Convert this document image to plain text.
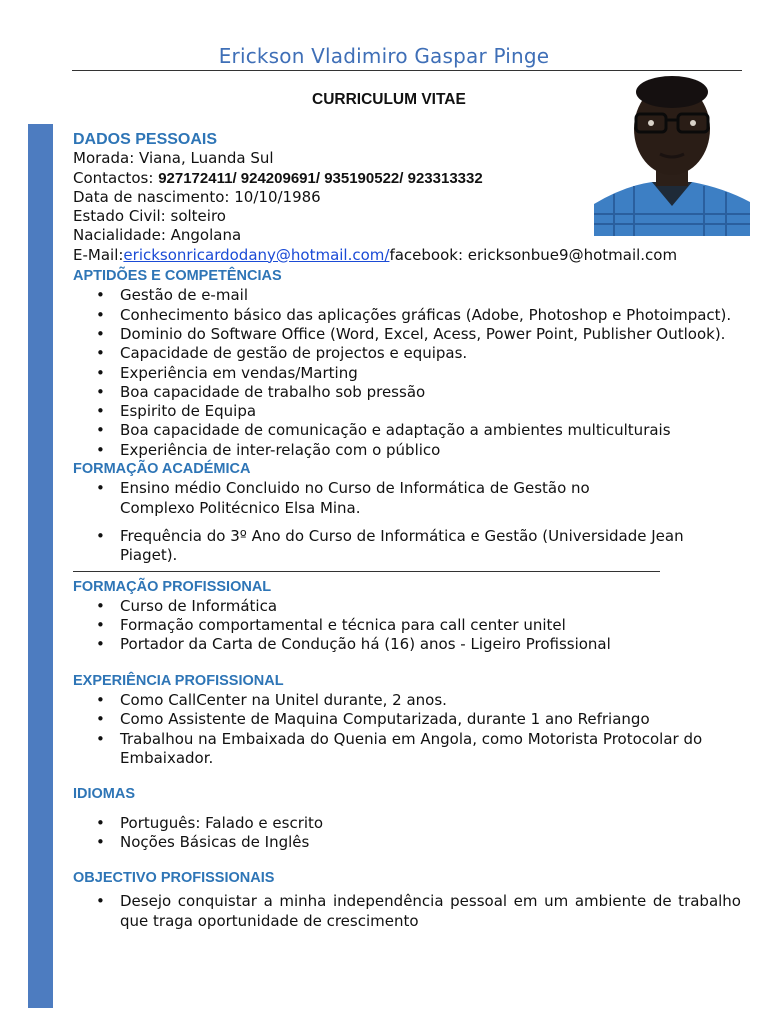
Erickson Vladimiro Gaspar Pinge
CURRICULUM VITAE
DADOS PESSOAIS
Morada: Viana, Luanda Sul
Contactos: 927172411/ 924209691/ 935190522/ 923313332
Data de nascimento: 10/10/1986
Estado Civil: solteiro
Nacialidade: Angolana
E-Mail:ericksonricardodany@hotmail.com/facebook: ericksonbue9@hotmail.com
APTIDÕES E COMPETÊNCIAS
• Gestão de e-mail
• Conhecimento básico das aplicações gráficas (Adobe, Photoshop e Photoimpact).
• Dominio do Software Office (Word, Excel, Acess, Power Point, Publisher Outlook).
• Capacidade de gestão de projectos e equipas.
• Experiência em vendas/Marting
• Boa capacidade de trabalho sob pressão
• Espirito de Equipa
• Boa capacidade de comunicação e adaptação a ambientes multiculturais
• Experiência de inter-relação com o público
FORMAÇÃO ACADÉMICA
• Ensino médio Concluido no Curso de Informática de Gestão no Complexo Politécnico Elsa Mina.
• Frequência do 3º Ano do Curso de Informática e Gestão (Universidade Jean Piaget).
FORMAÇÃO PROFISSIONAL
• Curso de Informática
• Formação comportamental e técnica para call center unitel
• Portador da Carta de Condução há (16) anos - Ligeiro Profissional
EXPERIÊNCIA PROFISSIONAL
• Como CallCenter na Unitel durante, 2 anos.
• Como Assistente de Maquina Computarizada, durante 1 ano Refriango
• Trabalhou na Embaixada do Quenia em Angola, como Motorista Protocolar do Embaixador.
IDIOMAS
• Português: Falado e escrito
• Noções Básicas de Inglês
OBJECTIVO PROFISSIONAIS
• Desejo conquistar a minha independência pessoal em um ambiente de trabalho que traga oportunidade de crescimento
